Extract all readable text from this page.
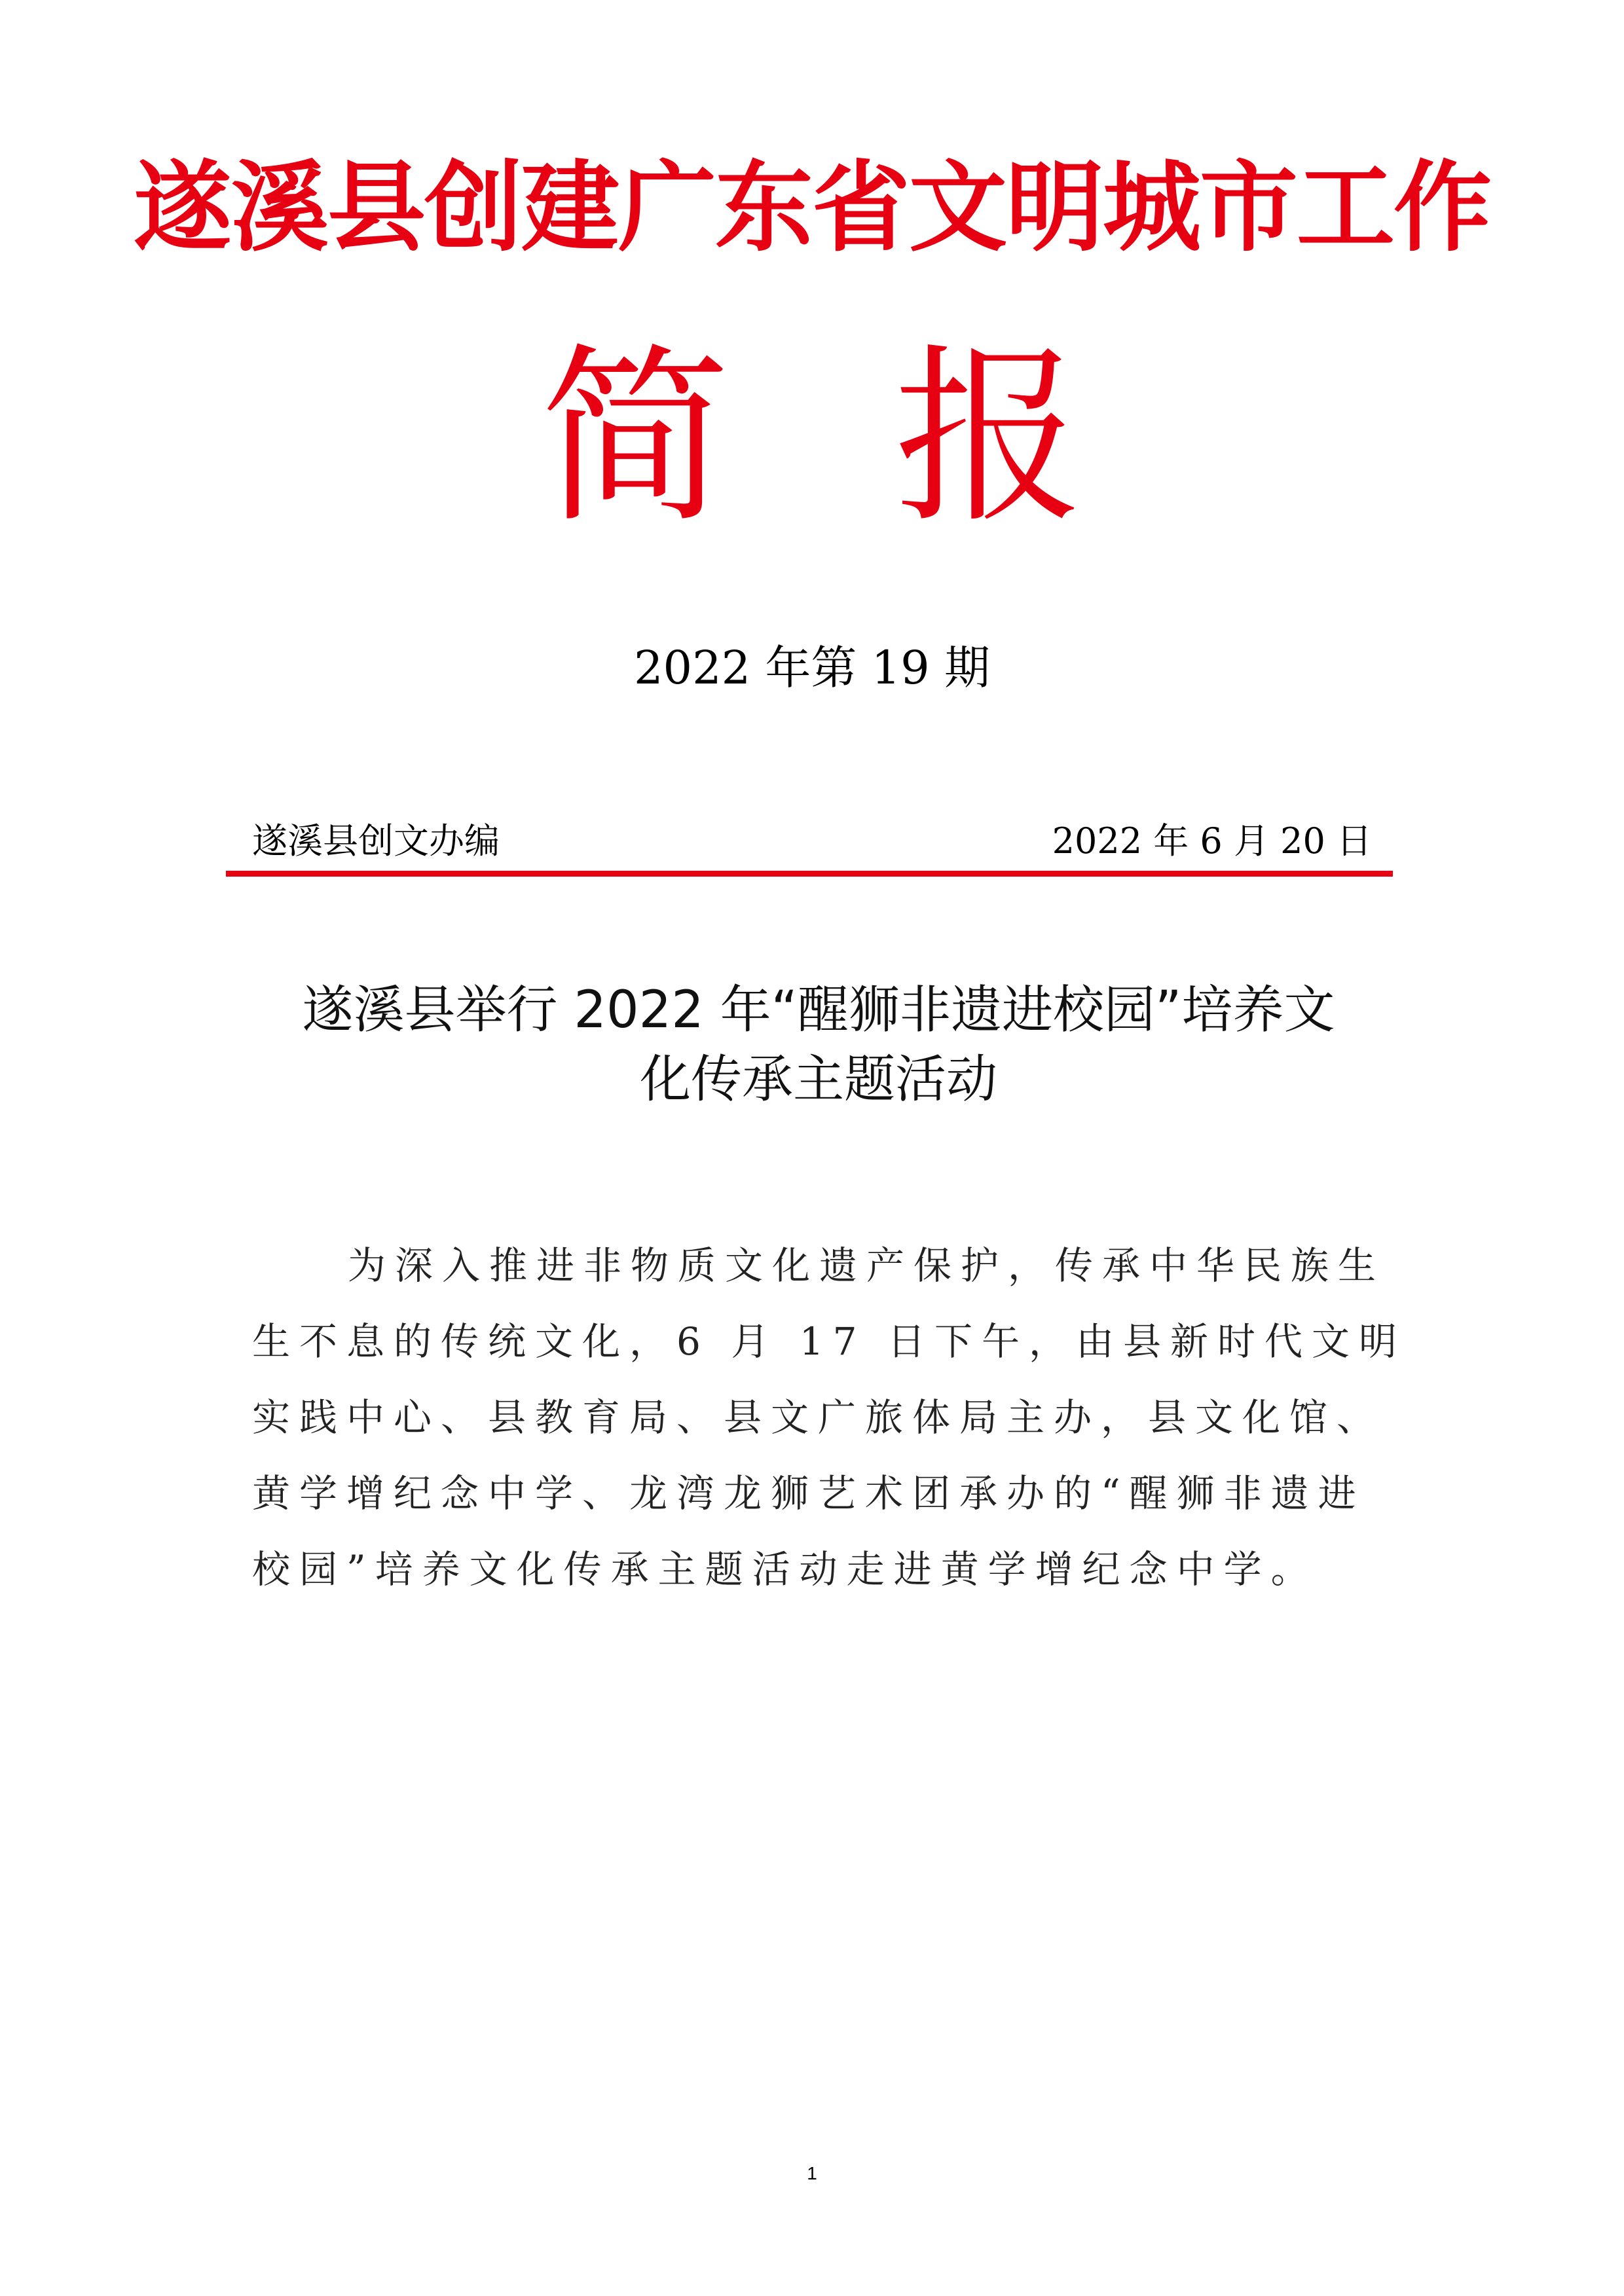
遂溪县创建广东省文明城市工作
简 报
2022 年第 19 期
遂溪县创文办编	2022 年 6 月 20 日
遂溪县举行 2022 年“醒狮非遗进校园”培养文
化传承主题活动
为深入推进非物质文化遗产保护，传承中华民族生
生不息的传统文化，6 月 17 日下午，由县新时代文明
实践中心、县教育局、县文广旅体局主办，县文化馆、
黄学增纪念中学、龙湾龙狮艺术团承办的“醒狮非遗进
校园”培养文化传承主题活动走进黄学增纪念中学。
1
